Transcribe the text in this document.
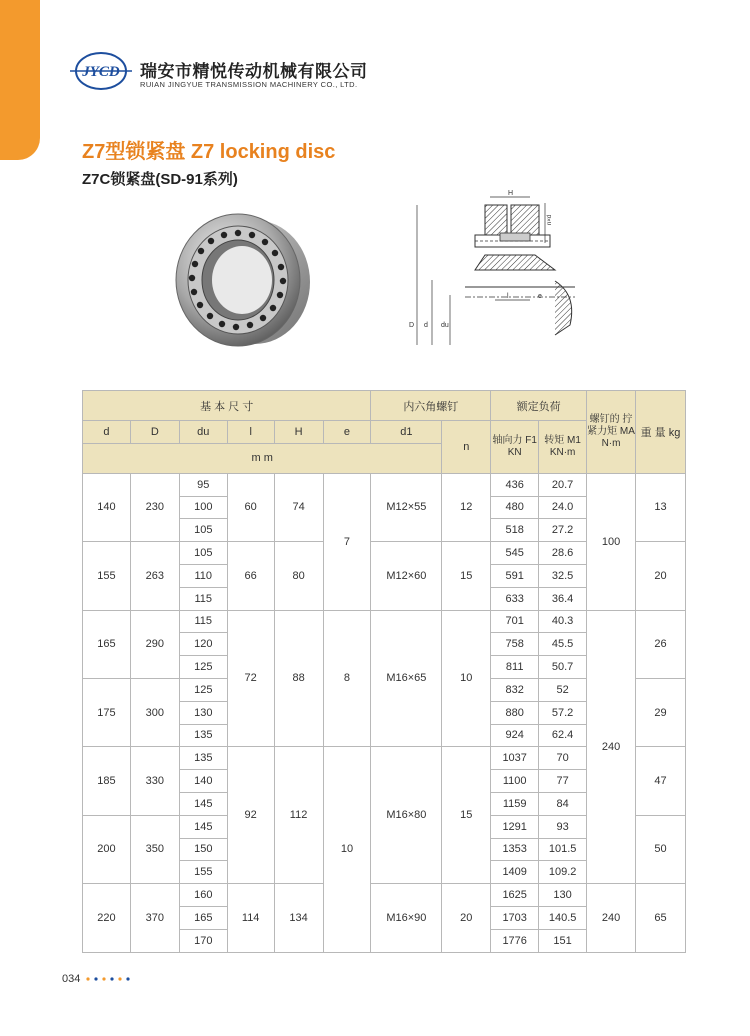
JYCD 瑞安市精悦传动机械有限公司
RUIAN JINGYUE TRANSMISSION MACHINERY CO., LTD.
Z7型锁紧盘 Z7 locking disc
Z7C锁紧盘(SD-91系列)
H
D d du
l	e
n×d
基 本 尺 寸						内六角螺钉		额定负荷		螺钉的 拧紧力矩 MA N·m	重 量 kg
d	D	du	l	H	e	d1	n	轴向力 F1 KN	转矩 M1 KN·m		
m m											
140	230	95	60	74	7	M12×55	12	436	20.7	100	13
		100						480	24.0		
		105						518	27.2		
155	263	105	66	80		M12×60	15	545	28.6		20
		110						591	32.5		
		115						633	36.4		
165	290	115	72	88	8	M16×65	10	701	40.3	240	26
		120						758	45.5		
		125						811	50.7		
175	300	125						832	52		29
		130						880	57.2		
		135						924	62.4		
185	330	135	92	112	10	M16×80	15	1037	70		47
		140						1100	77		
		145						1159	84		
200	350	145						1291	93		50
		150						1353	101.5		
		155						1409	109.2		
220	370	160	114	134		M16×90	20	1625	130	240	65
		165						1703	140.5		
		170						1776	151		
034
